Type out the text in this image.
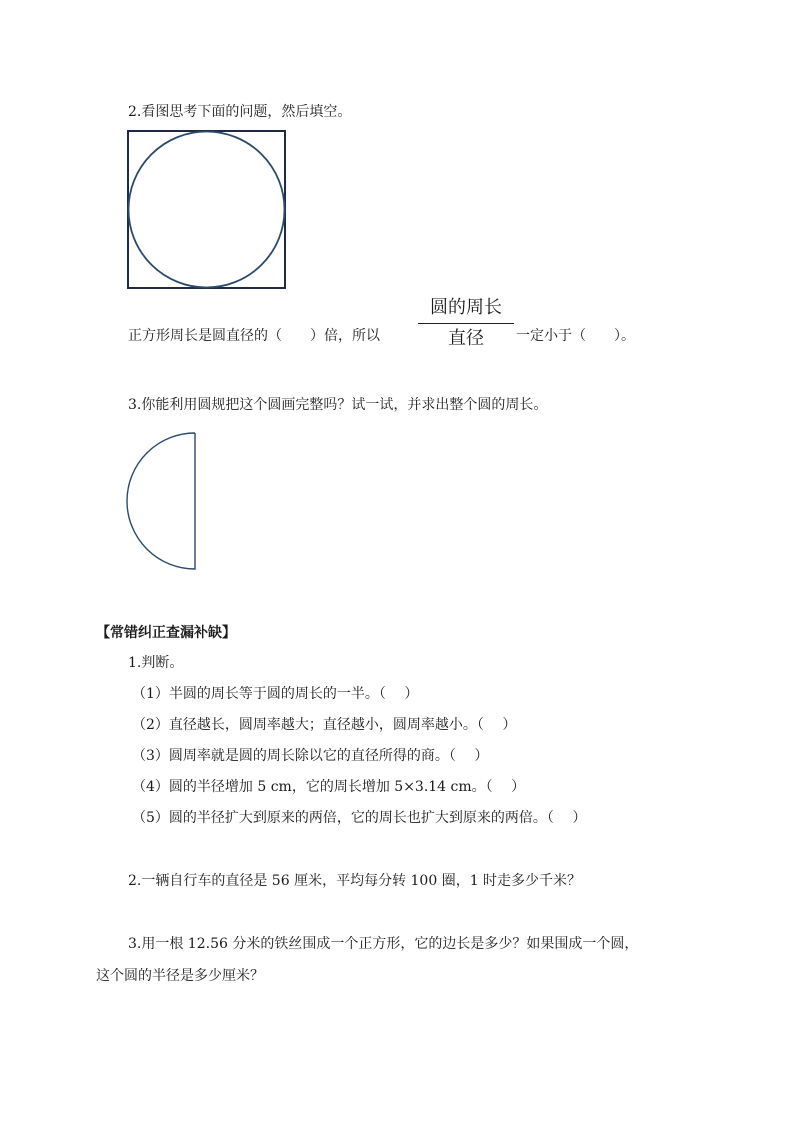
2.看图思考下面的问题，然后填空。
正方形周长是圆直径的（　　）倍，所以
圆的周长
直径	一定小于（　　）。
3.你能利用圆规把这个圆画完整吗？试一试，并求出整个圆的周长。
【常错纠正查漏补缺】
1.判断。
（1）半圆的周长等于圆的周长的一半。（　 ）
（2）直径越长，圆周率越大；直径越小，圆周率越小。（　 ）
（3）圆周率就是圆的周长除以它的直径所得的商。（　 ）
（4）圆的半径增加 5 cm，它的周长增加 5×3.14 cm。（　 ）
（5）圆的半径扩大到原来的两倍，它的周长也扩大到原来的两倍。（　 ）
2.一辆自行车的直径是 56 厘米，平均每分转 100 圈，1 时走多少千米？
3.用一根 12.56 分米的铁丝围成一个正方形，它的边长是多少？如果围成一个圆，
这个圆的半径是多少厘米？
